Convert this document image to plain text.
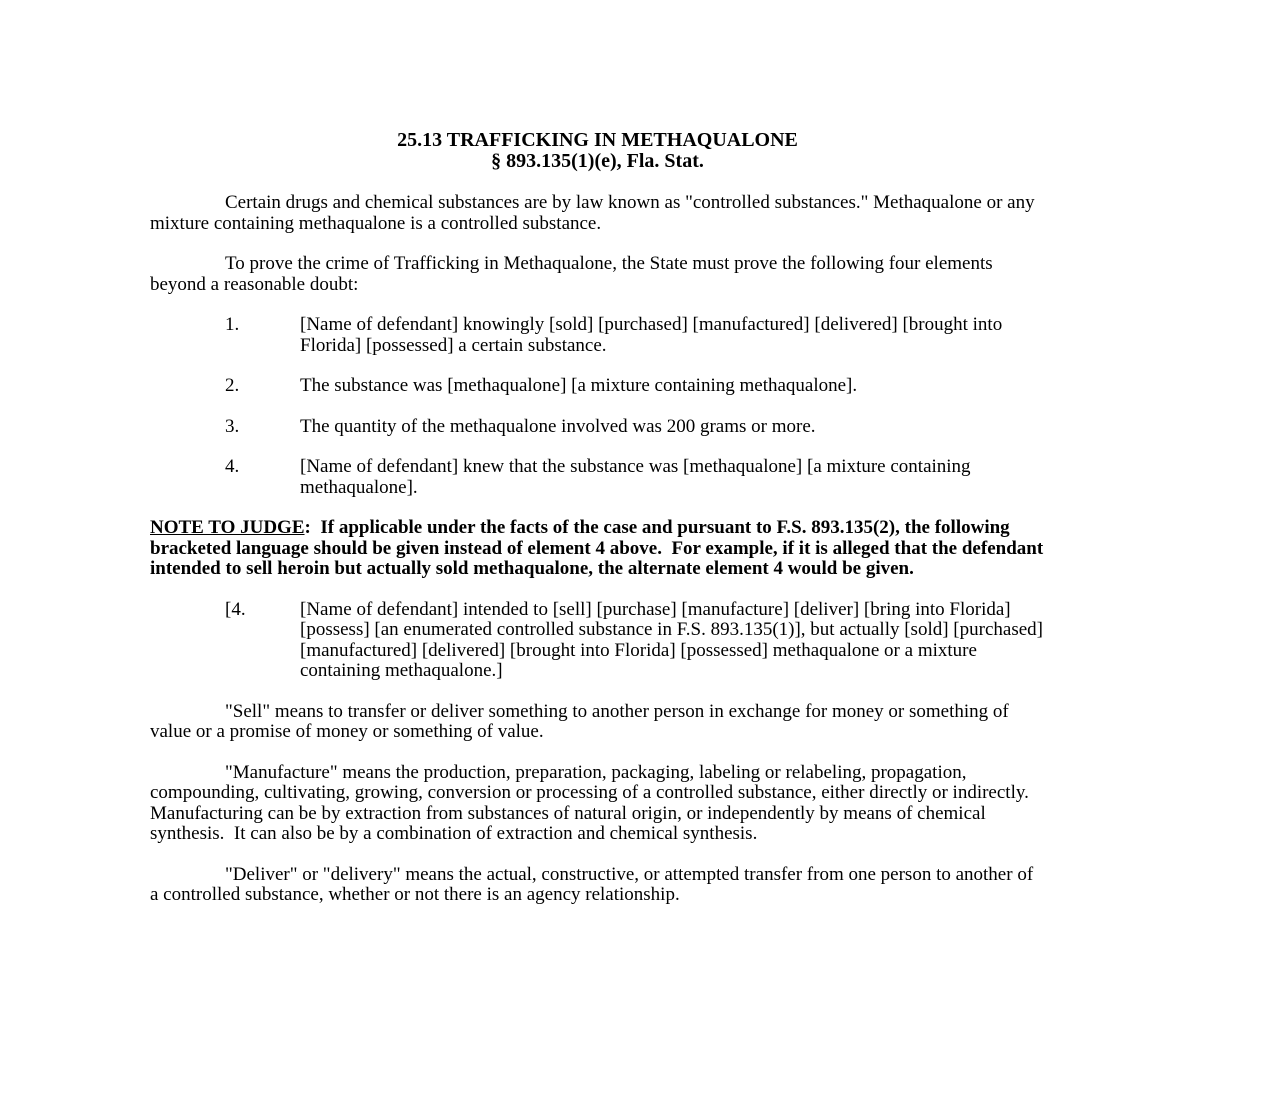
25.13 TRAFFICKING IN METHAQUALONE
§ 893.135(1)(e), Fla. Stat.

Certain drugs and chemical substances are by law known as "controlled substances." Methaqualone or any mixture containing methaqualone is a controlled substance.

To prove the crime of Trafficking in Methaqualone, the State must prove the following four elements beyond a reasonable doubt:

1.	[Name of defendant] knowingly [sold] [purchased] [manufactured] [delivered] [brought into Florida] [possessed] a certain substance.
2.	The substance was [methaqualone] [a mixture containing methaqualone].
3.	The quantity of the methaqualone involved was 200 grams or more.
4.	[Name of defendant] knew that the substance was [methaqualone] [a mixture containing methaqualone].

NOTE TO JUDGE:  If applicable under the facts of the case and pursuant to F.S. 893.135(2), the following bracketed language should be given instead of element 4 above.  For example, if it is alleged that the defendant intended to sell heroin but actually sold methaqualone, the alternate element 4 would be given.

[4.	[Name of defendant] intended to [sell] [purchase] [manufacture] [deliver] [bring into Florida] [possess] [an enumerated controlled substance in F.S. 893.135(1)], but actually [sold] [purchased] [manufactured] [delivered] [brought into Florida] [possessed] methaqualone or a mixture containing methaqualone.]

"Sell" means to transfer or deliver something to another person in exchange for money or something of value or a promise of money or something of value.

"Manufacture" means the production, preparation, packaging, labeling or relabeling, propagation, compounding, cultivating, growing, conversion or processing of a controlled substance, either directly or indirectly.  Manufacturing can be by extraction from substances of natural origin, or independently by means of chemical synthesis.  It can also be by a combination of extraction and chemical synthesis.

"Deliver" or "delivery" means the actual, constructive, or attempted transfer from one person to another of a controlled substance, whether or not there is an agency relationship.
